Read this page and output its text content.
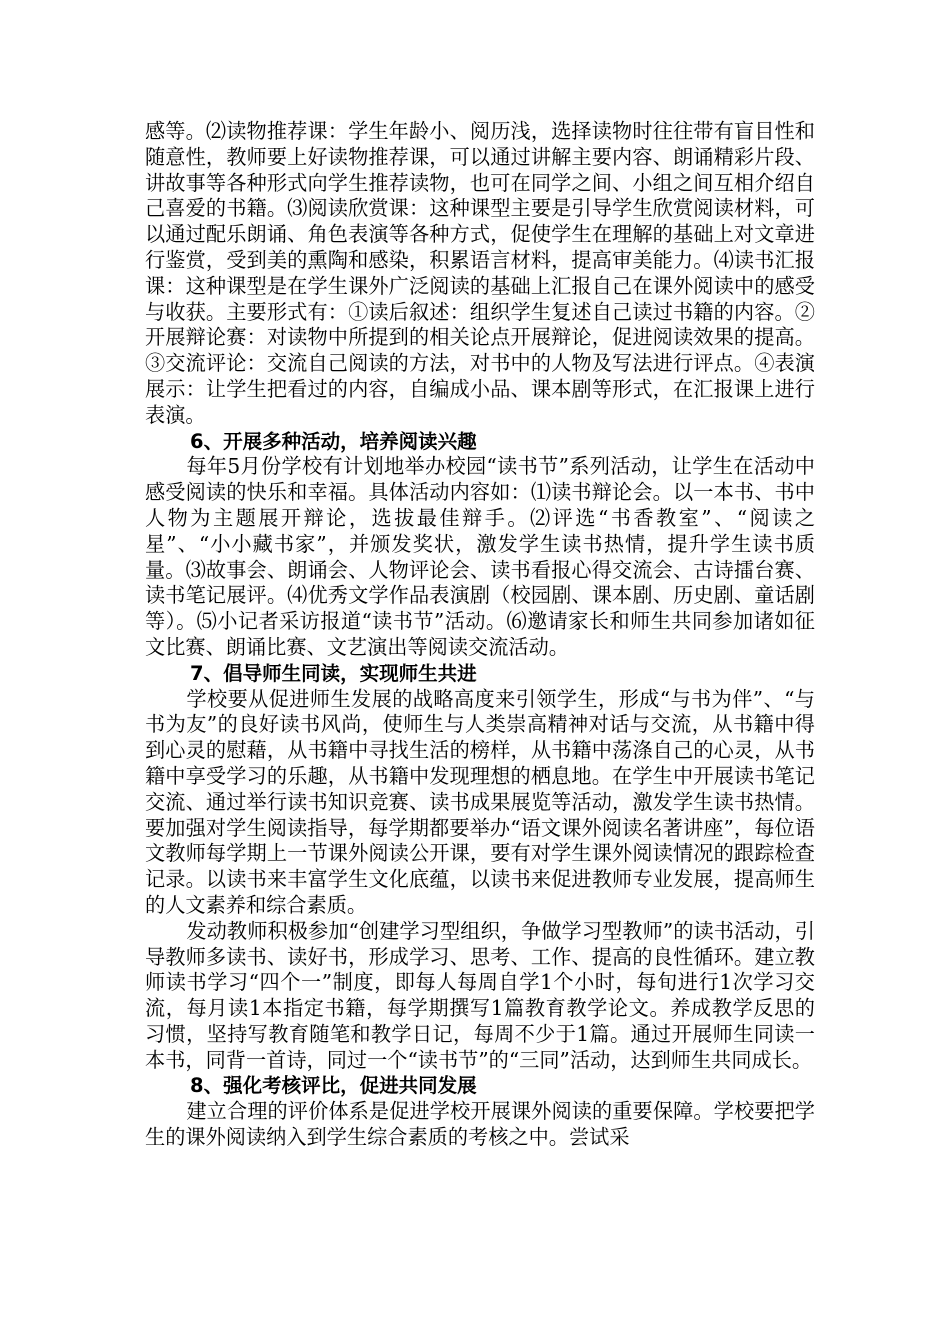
感等。⑵读物推荐课：学生年龄小、阅历浅，选择读物时往往带有盲目性和随意性，教师要上好读物推荐课，可以通过讲解主要内容、朗诵精彩片段、讲故事等各种形式向学生推荐读物，也可在同学之间、小组之间互相介绍自己喜爱的书籍。⑶阅读欣赏课：这种课型主要是引导学生欣赏阅读材料，可以通过配乐朗诵、角色表演等各种方式，促使学生在理解的基础上对文章进行鉴赏，受到美的熏陶和感染，积累语言材料，提高审美能力。⑷读书汇报课：这种课型是在学生课外广泛阅读的基础上汇报自己在课外阅读中的感受与收获。主要形式有：①读后叙述：组织学生复述自己读过书籍的内容。②开展辩论赛：对读物中所提到的相关论点开展辩论，促进阅读效果的提高。③交流评论：交流自己阅读的方法，对书中的人物及写法进行评点。④表演展示：让学生把看过的内容，自编成小品、课本剧等形式，在汇报课上进行表演。

6、开展多种活动，培养阅读兴趣

每年5月份学校有计划地举办校园“读书节”系列活动，让学生在活动中感受阅读的快乐和幸福。具体活动内容如：⑴读书辩论会。以一本书、书中人物为主题展开辩论，选拔最佳辩手。⑵评选“书香教室”、“阅读之星”、“小小藏书家”，并颁发奖状，激发学生读书热情，提升学生读书质量。⑶故事会、朗诵会、人物评论会、读书看报心得交流会、古诗擂台赛、读书笔记展评。⑷优秀文学作品表演剧（校园剧、课本剧、历史剧、童话剧等）。⑸小记者采访报道“读书节”活动。⑹邀请家长和师生共同参加诸如征文比赛、朗诵比赛、文艺演出等阅读交流活动。

7、倡导师生同读，实现师生共进

学校要从促进师生发展的战略高度来引领学生，形成“与书为伴”、“与书为友”的良好读书风尚，使师生与人类崇高精神对话与交流，从书籍中得到心灵的慰藉，从书籍中寻找生活的榜样，从书籍中荡涤自己的心灵，从书籍中享受学习的乐趣，从书籍中发现理想的栖息地。在学生中开展读书笔记交流、通过举行读书知识竞赛、读书成果展览等活动，激发学生读书热情。要加强对学生阅读指导，每学期都要举办“语文课外阅读名著讲座”，每位语文教师每学期上一节课外阅读公开课，要有对学生课外阅读情况的跟踪检查记录。以读书来丰富学生文化底蕴，以读书来促进教师专业发展，提高师生的人文素养和综合素质。

发动教师积极参加“创建学习型组织，争做学习型教师”的读书活动，引导教师多读书、读好书，形成学习、思考、工作、提高的良性循环。建立教师读书学习“四个一”制度，即每人每周自学1个小时，每旬进行1次学习交流，每月读1本指定书籍，每学期撰写1篇教育教学论文。养成教学反思的习惯，坚持写教育随笔和教学日记，每周不少于1篇。通过开展师生同读一本书，同背一首诗，同过一个“读书节”的“三同”活动，达到师生共同成长。

8、强化考核评比，促进共同发展

建立合理的评价体系是促进学校开展课外阅读的重要保障。学校要把学生的课外阅读纳入到学生综合素质的考核之中。尝试采
